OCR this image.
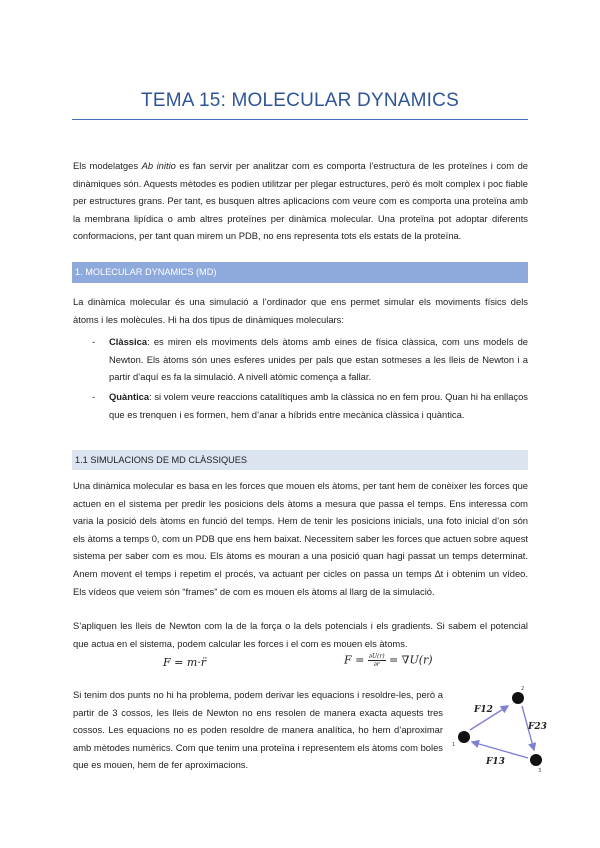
TEMA 15: MOLECULAR DYNAMICS

Els modelatges Ab initio es fan servir per analitzar com es comporta l’estructura de les proteïnes i com de dinàmiques són. Aquests mètodes es podien utilitzar per plegar estructures, però és molt complex i poc fiable per estructures grans. Per tant, es busquen altres aplicacions com veure com es comporta una proteïna amb la membrana lipídica o amb altres proteïnes per dinàmica molecular. Una proteïna pot adoptar diferents conformacions, per tant quan mirem un PDB, no ens representa tots els estats de la proteïna.

1. MOLECULAR DYNAMICS (MD)

La dinàmica molecular és una simulació a l’ordinador que ens permet simular els moviments físics dels àtoms i les molècules. Hi ha dos tipus de dinàmiques moleculars:

- Clàssica: es miren els moviments dels àtoms amb eines de física clàssica, com uns models de Newton. Els àtoms són unes esferes unides per pals que estan sotmeses a les lleis de Newton i a partir d’aquí es fa la simulació. A nivell atòmic comença a fallar.

- Quàntica: si volem veure reaccions catalítiques amb la clàssica no en fem prou. Quan hi ha enllaços que es trenquen i es formen, hem d’anar a híbrids entre mecànica clàssica i quàntica.

1.1 SIMULACIONS DE MD CLÀSSIQUES

Una dinàmica molecular es basa en les forces que mouen els àtoms, per tant hem de conèixer les forces que actuen en el sistema per predir les posicions dels àtoms a mesura que passa el temps. Ens interessa com varia la posició dels àtoms en funció del temps. Hem de tenir les posicions inicials, una foto inicial d’on són els àtoms a temps 0, com un PDB que ens hem baixat. Necessitem saber les forces que actuen sobre aquest sistema per saber com es mou. Els àtoms es mouran a una posició quan hagi passat un temps determinat. Anem movent el temps i repetim el procés, va actuant per cicles on passa un temps ∆t i obtenim un vídeo. Els vídeos que veiem són “frames” de com es mouen els àtoms al llarg de la simulació.

S’apliquen les lleis de Newton com la de la força o la dels potencials i els gradients. Si sabem el potencial que actua en el sistema, podem calcular les forces i el com es mouen els àtoms.

F = m·r̈	$F = \frac{\partial U(r)}{\partial r} = \nabla U(r)$

Si tenim dos punts no hi ha problema, podem derivar les equacions i resoldre-les, però a partir de 3 cossos, les lleis de Newton no ens resolen de manera exacta aquests tres cossos. Les equacions no es poden resoldre de manera analítica, ho hem d’aproximar amb mètodes numèrics. Com que tenim una proteïna i representem els àtoms com boles que es mouen, hem de fer aproximacions.

1
2
3
F12
F23
F13
